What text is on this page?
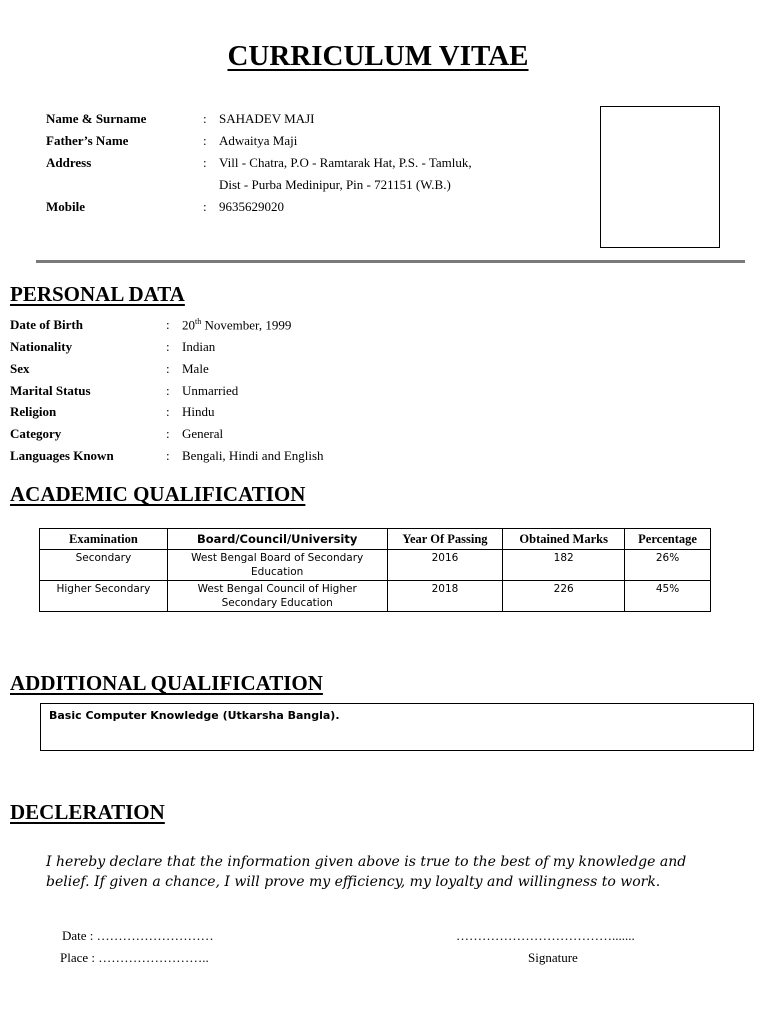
CURRICULUM VITAE
Name & Surname	: SAHADEV MAJI
Father’s Name	: Adwaitya Maji
Address	: Vill - Chatra, P.O - Ramtarak Hat, P.S. - Tamluk,
Dist - Purba Medinipur, Pin - 721151 (W.B.)
Mobile	: 9635629020
PERSONAL DATA
Date of Birth	: 20th November, 1999
Nationality	: Indian
Sex	: Male
Marital Status	: Unmarried
Religion	: Hindu
Category	: General
Languages Known	: Bengali, Hindi and English
ACADEMIC QUALIFICATION
Examination	Board/Council/University	Year Of Passing	Obtained Marks	Percentage
Secondary	West Bengal Board of Secondary Education	2016	182	26%
Higher Secondary	West Bengal Council of Higher Secondary Education	2018	226	45%
ADDITIONAL QUALIFICATION
Basic Computer Knowledge (Utkarsha Bangla).
DECLERATION
I hereby declare that the information given above is true to the best of my knowledge and belief. If given a chance, I will prove my efficiency, my loyalty and willingness to work.
Date : ………………………
Place : ……………………..
……………………………….......
Signature
